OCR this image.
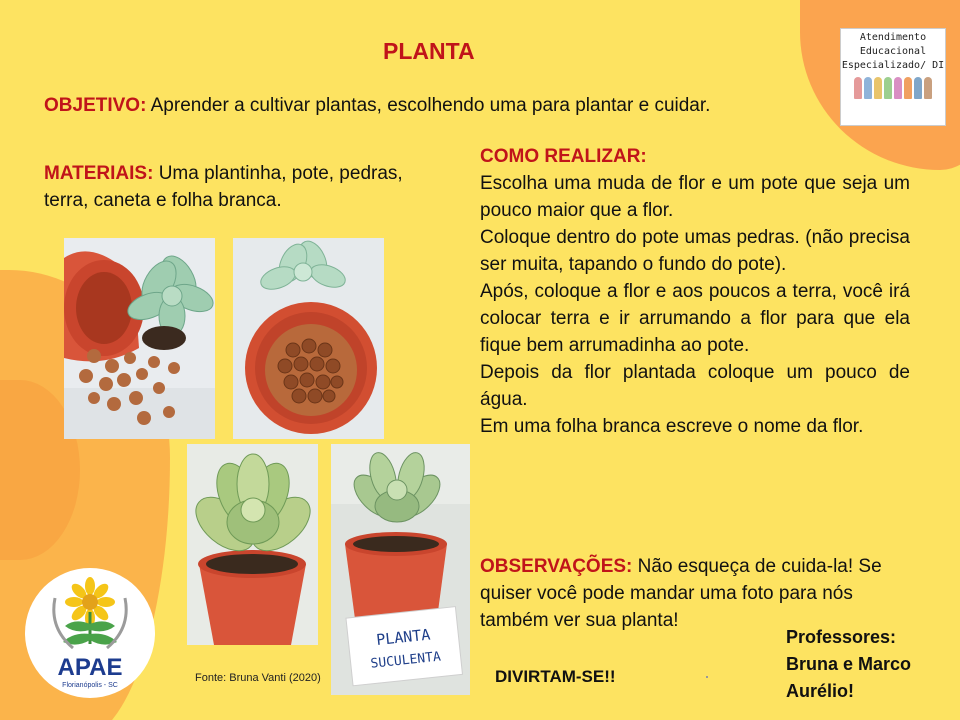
Atendimento
Educacional
Especializado/ DI
PLANTA
OBJETIVO: Aprender a cultivar plantas, escolhendo uma para plantar e cuidar.
MATERIAIS: Uma plantinha, pote, pedras, terra, caneta e folha branca.
COMO REALIZAR:
Escolha uma muda de flor e um pote que seja um pouco maior que a flor.
Coloque dentro do pote umas pedras. (não precisa ser muita, tapando o fundo do pote).
Após, coloque a flor e aos poucos a terra, você irá colocar terra e ir arrumando a flor para que ela fique bem arrumadinha ao pote.
Depois da flor plantada coloque um pouco de água.
Em uma folha branca escreve o nome da flor.
OBSERVAÇÕES: Não esqueça de cuida-la! Se quiser você pode mandar uma foto para nós também ver sua planta!
PLANTA
SUCULENTA
APAE
Florianópolis - SC
Fonte: Bruna Vanti (2020)	DIVIRTAM-SE!!
Professores:
Bruna e Marco
Aurélio!
